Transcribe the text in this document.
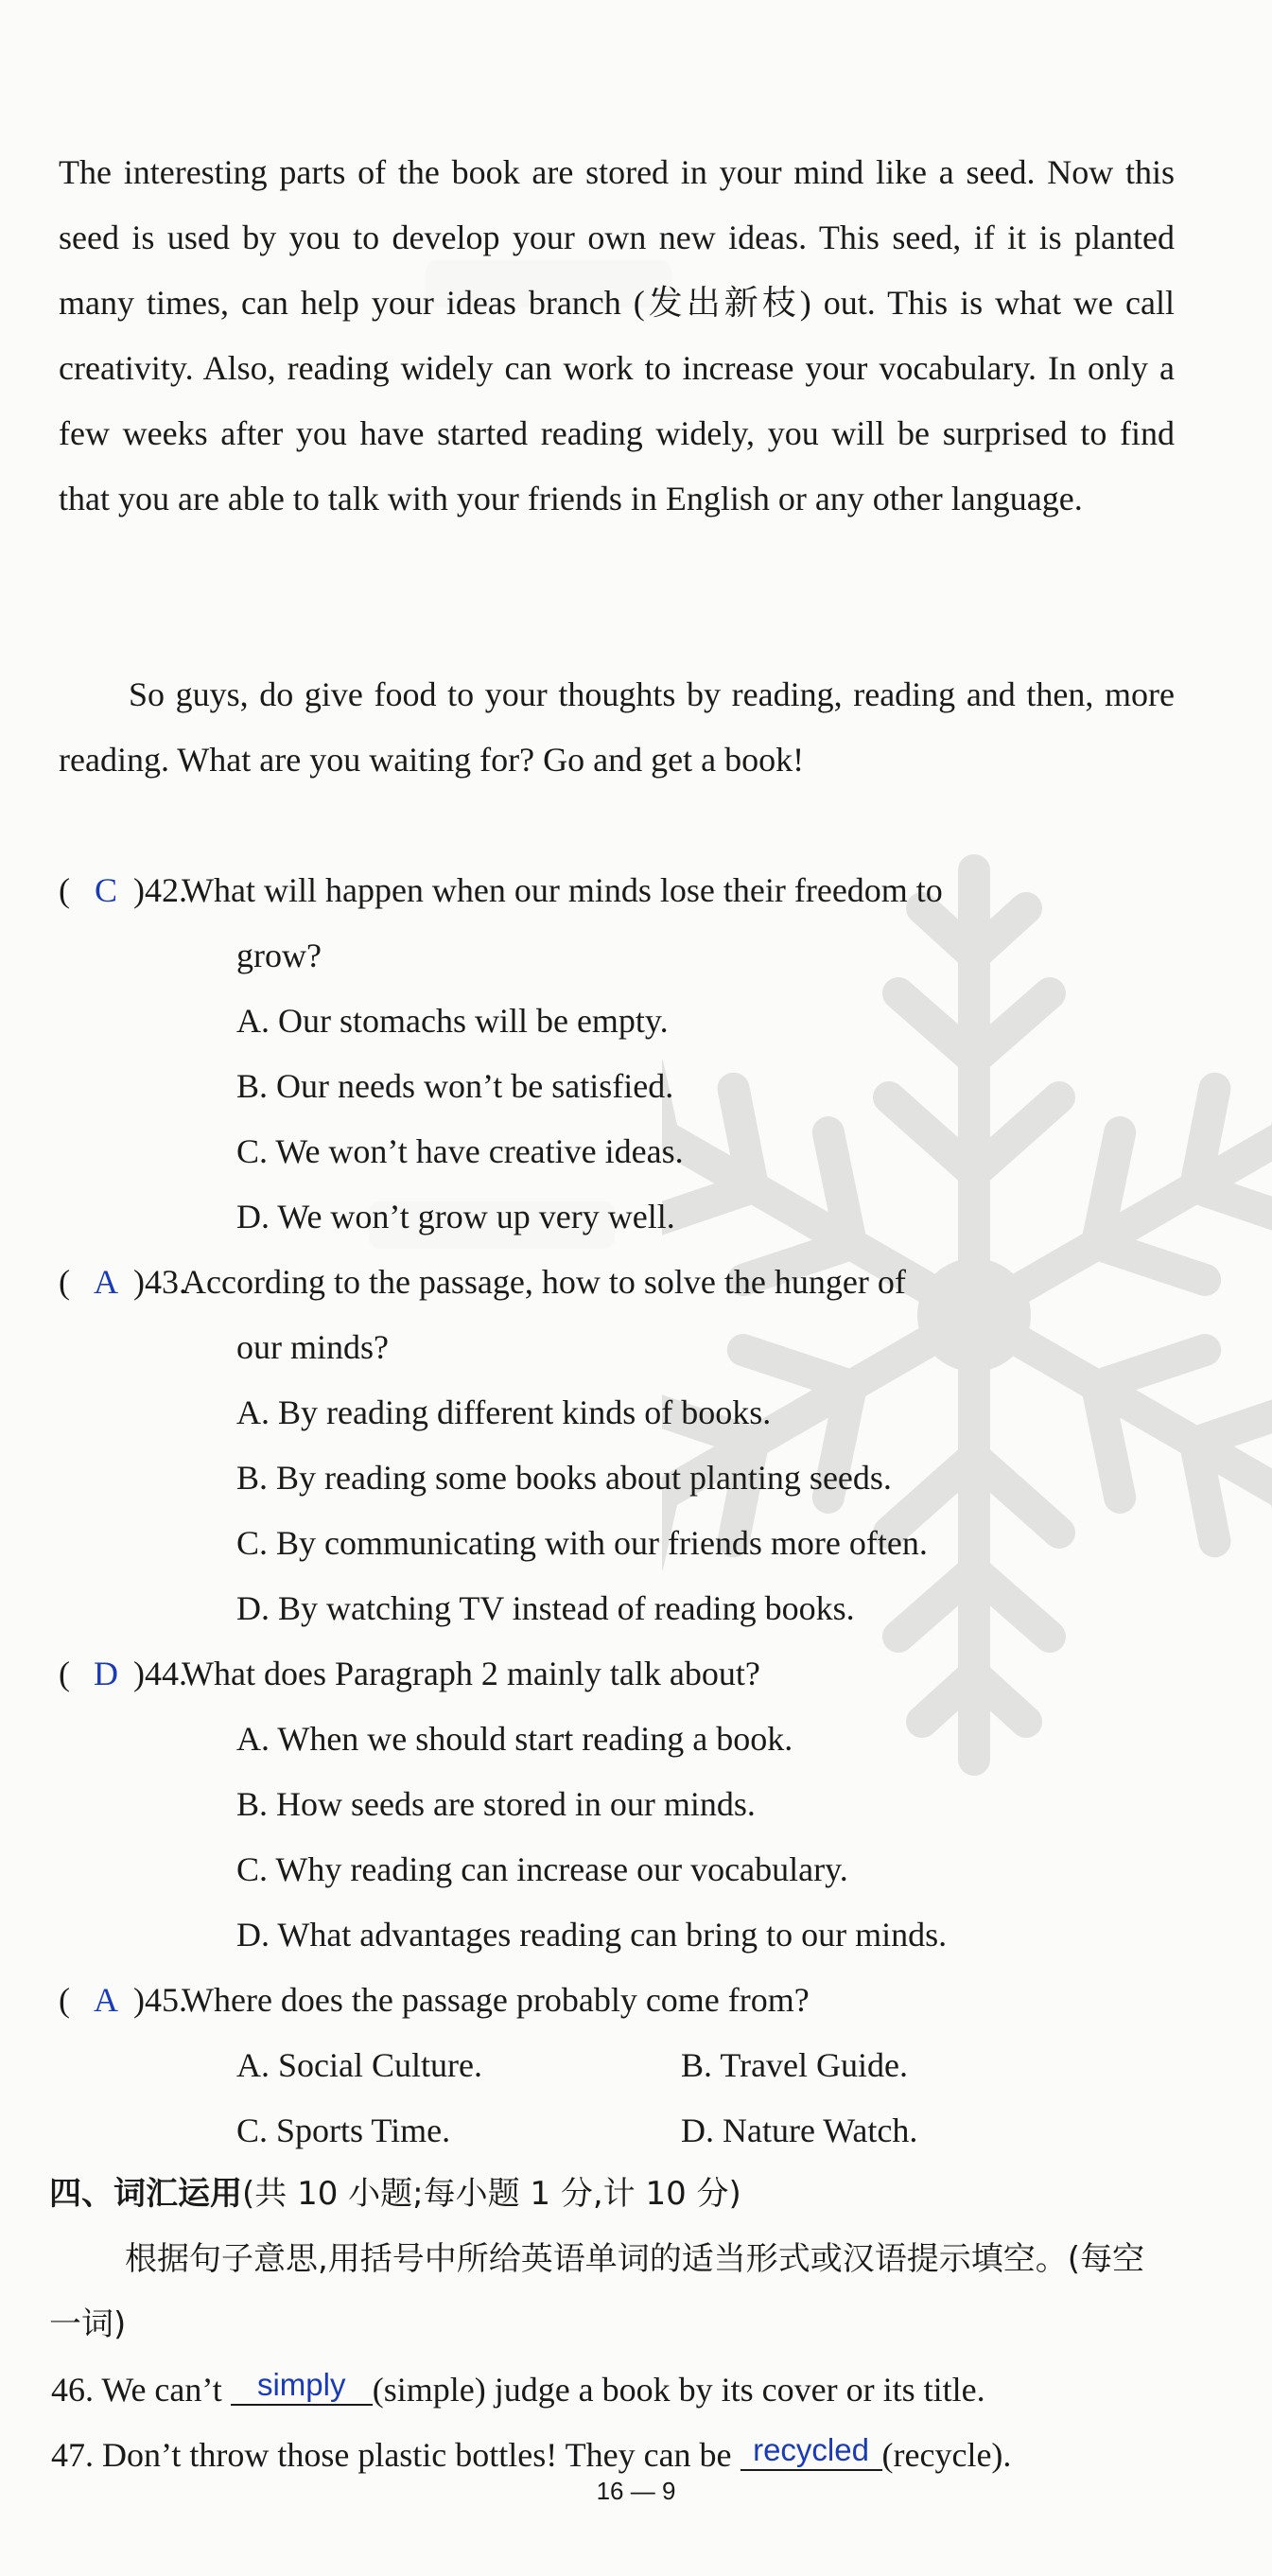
The interesting parts of the book are stored in your mind like a seed. Now this seed is used by you to develop your own new ideas. This seed, if it is planted many times, can help your ideas branch (发出新枝) out. This is what we call creativity. Also, reading widely can work to increase your vocabulary. In only a few weeks after you have started reading widely, you will be surprised to find that you are able to talk with your friends in English or any other language.

So guys, do give food to your thoughts by reading, reading and then, more reading. What are you waiting for? Go and get a book!

( C )42.What will happen when our minds lose their freedom to

grow?

A. Our stomachs will be empty.

B. Our needs won’t be satisfied.

C. We won’t have creative ideas.

D. We won’t grow up very well.

( A )43.According to the passage, how to solve the hunger of

our minds?

A. By reading different kinds of books.

B. By reading some books about planting seeds.

C. By communicating with our friends more often.

D. By watching TV instead of reading books.

( D )44.What does Paragraph 2 mainly talk about?

A. When we should start reading a book.

B. How seeds are stored in our minds.

C. Why reading can increase our vocabulary.

D. What advantages reading can bring to our minds.

( A )45.Where does the passage probably come from?

A. Social Culture.	B. Travel Guide.

C. Sports Time.	D. Nature Watch.

四、词汇运用(共 10 小题;每小题 1 分,计 10 分)

根据句子意思,用括号中所给英语单词的适当形式或汉语提示填空。(每空一词)

46. We can’t simply (simple) judge a book by its cover or its title.

47. Don’t throw those plastic bottles! They can be recycled (recycle).

16 — 9
